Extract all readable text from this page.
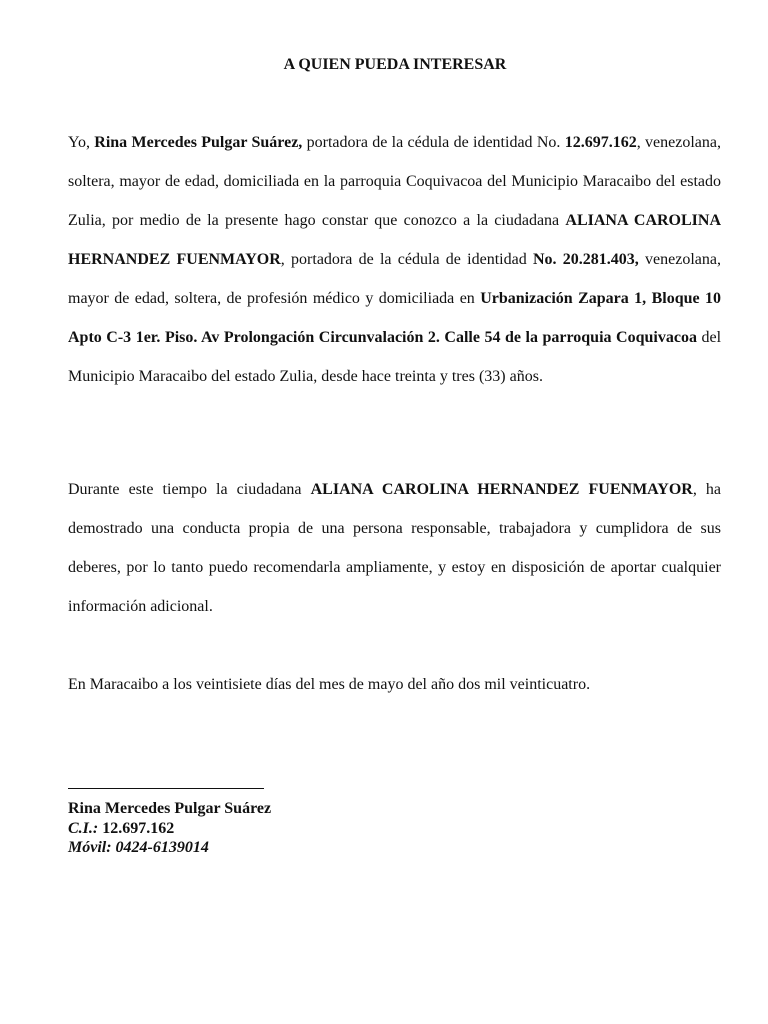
A QUIEN PUEDA INTERESAR
Yo, Rina Mercedes Pulgar Suárez, portadora de la cédula de identidad No. 12.697.162, venezolana, soltera, mayor de edad, domiciliada en la parroquia Coquivacoa del Municipio Maracaibo del estado Zulia, por medio de la presente hago constar que conozco a la ciudadana ALIANA CAROLINA HERNANDEZ FUENMAYOR, portadora de la cédula de identidad No. 20.281.403, venezolana, mayor de edad, soltera, de profesión médico y domiciliada en Urbanización Zapara 1, Bloque 10 Apto C-3 1er. Piso. Av Prolongación Circunvalación 2. Calle 54 de la parroquia Coquivacoa del Municipio Maracaibo del estado Zulia, desde hace treinta y tres (33) años.
Durante este tiempo la ciudadana ALIANA CAROLINA HERNANDEZ FUENMAYOR, ha demostrado una conducta propia de una persona responsable, trabajadora y cumplidora de sus deberes, por lo tanto puedo recomendarla ampliamente, y estoy en disposición de aportar cualquier información adicional.
En Maracaibo a los veintisiete días del mes de mayo del año dos mil veinticuatro.
Rina Mercedes Pulgar Suárez
C.I.: 12.697.162
Móvil: 0424-6139014
